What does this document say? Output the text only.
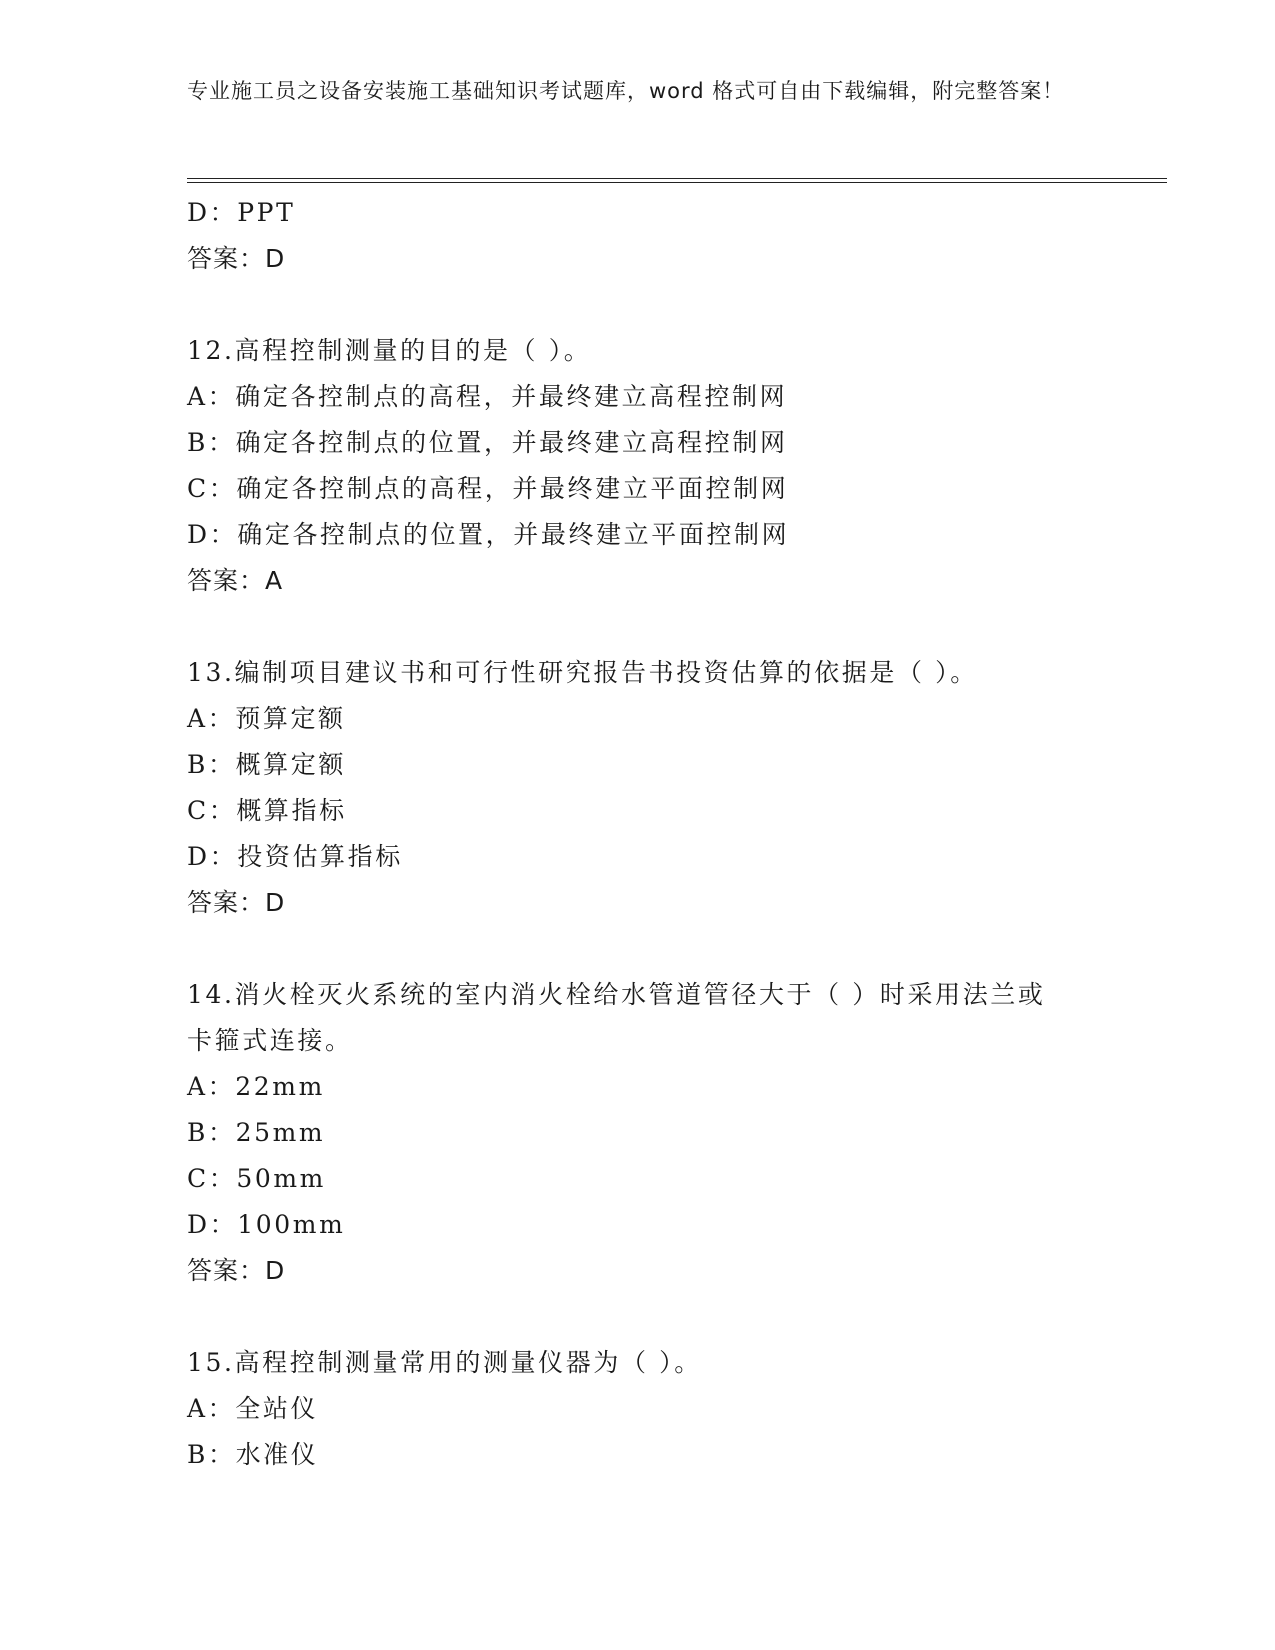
专业施工员之设备安装施工基础知识考试题库，word 格式可自由下载编辑，附完整答案！
D：PPT
答案：D
12.高程控制测量的目的是（ ）。
A：确定各控制点的高程，并最终建立高程控制网
B：确定各控制点的位置，并最终建立高程控制网
C：确定各控制点的高程，并最终建立平面控制网
D：确定各控制点的位置，并最终建立平面控制网
答案：A
13.编制项目建议书和可行性研究报告书投资估算的依据是（ ）。
A：预算定额
B：概算定额
C：概算指标
D：投资估算指标
答案：D
14.消火栓灭火系统的室内消火栓给水管道管径大于（ ）时采用法兰或卡箍式连接。
A：22mm
B：25mm
C：50mm
D：100mm
答案：D
15.高程控制测量常用的测量仪器为（ ）。
A：全站仪
B：水准仪
